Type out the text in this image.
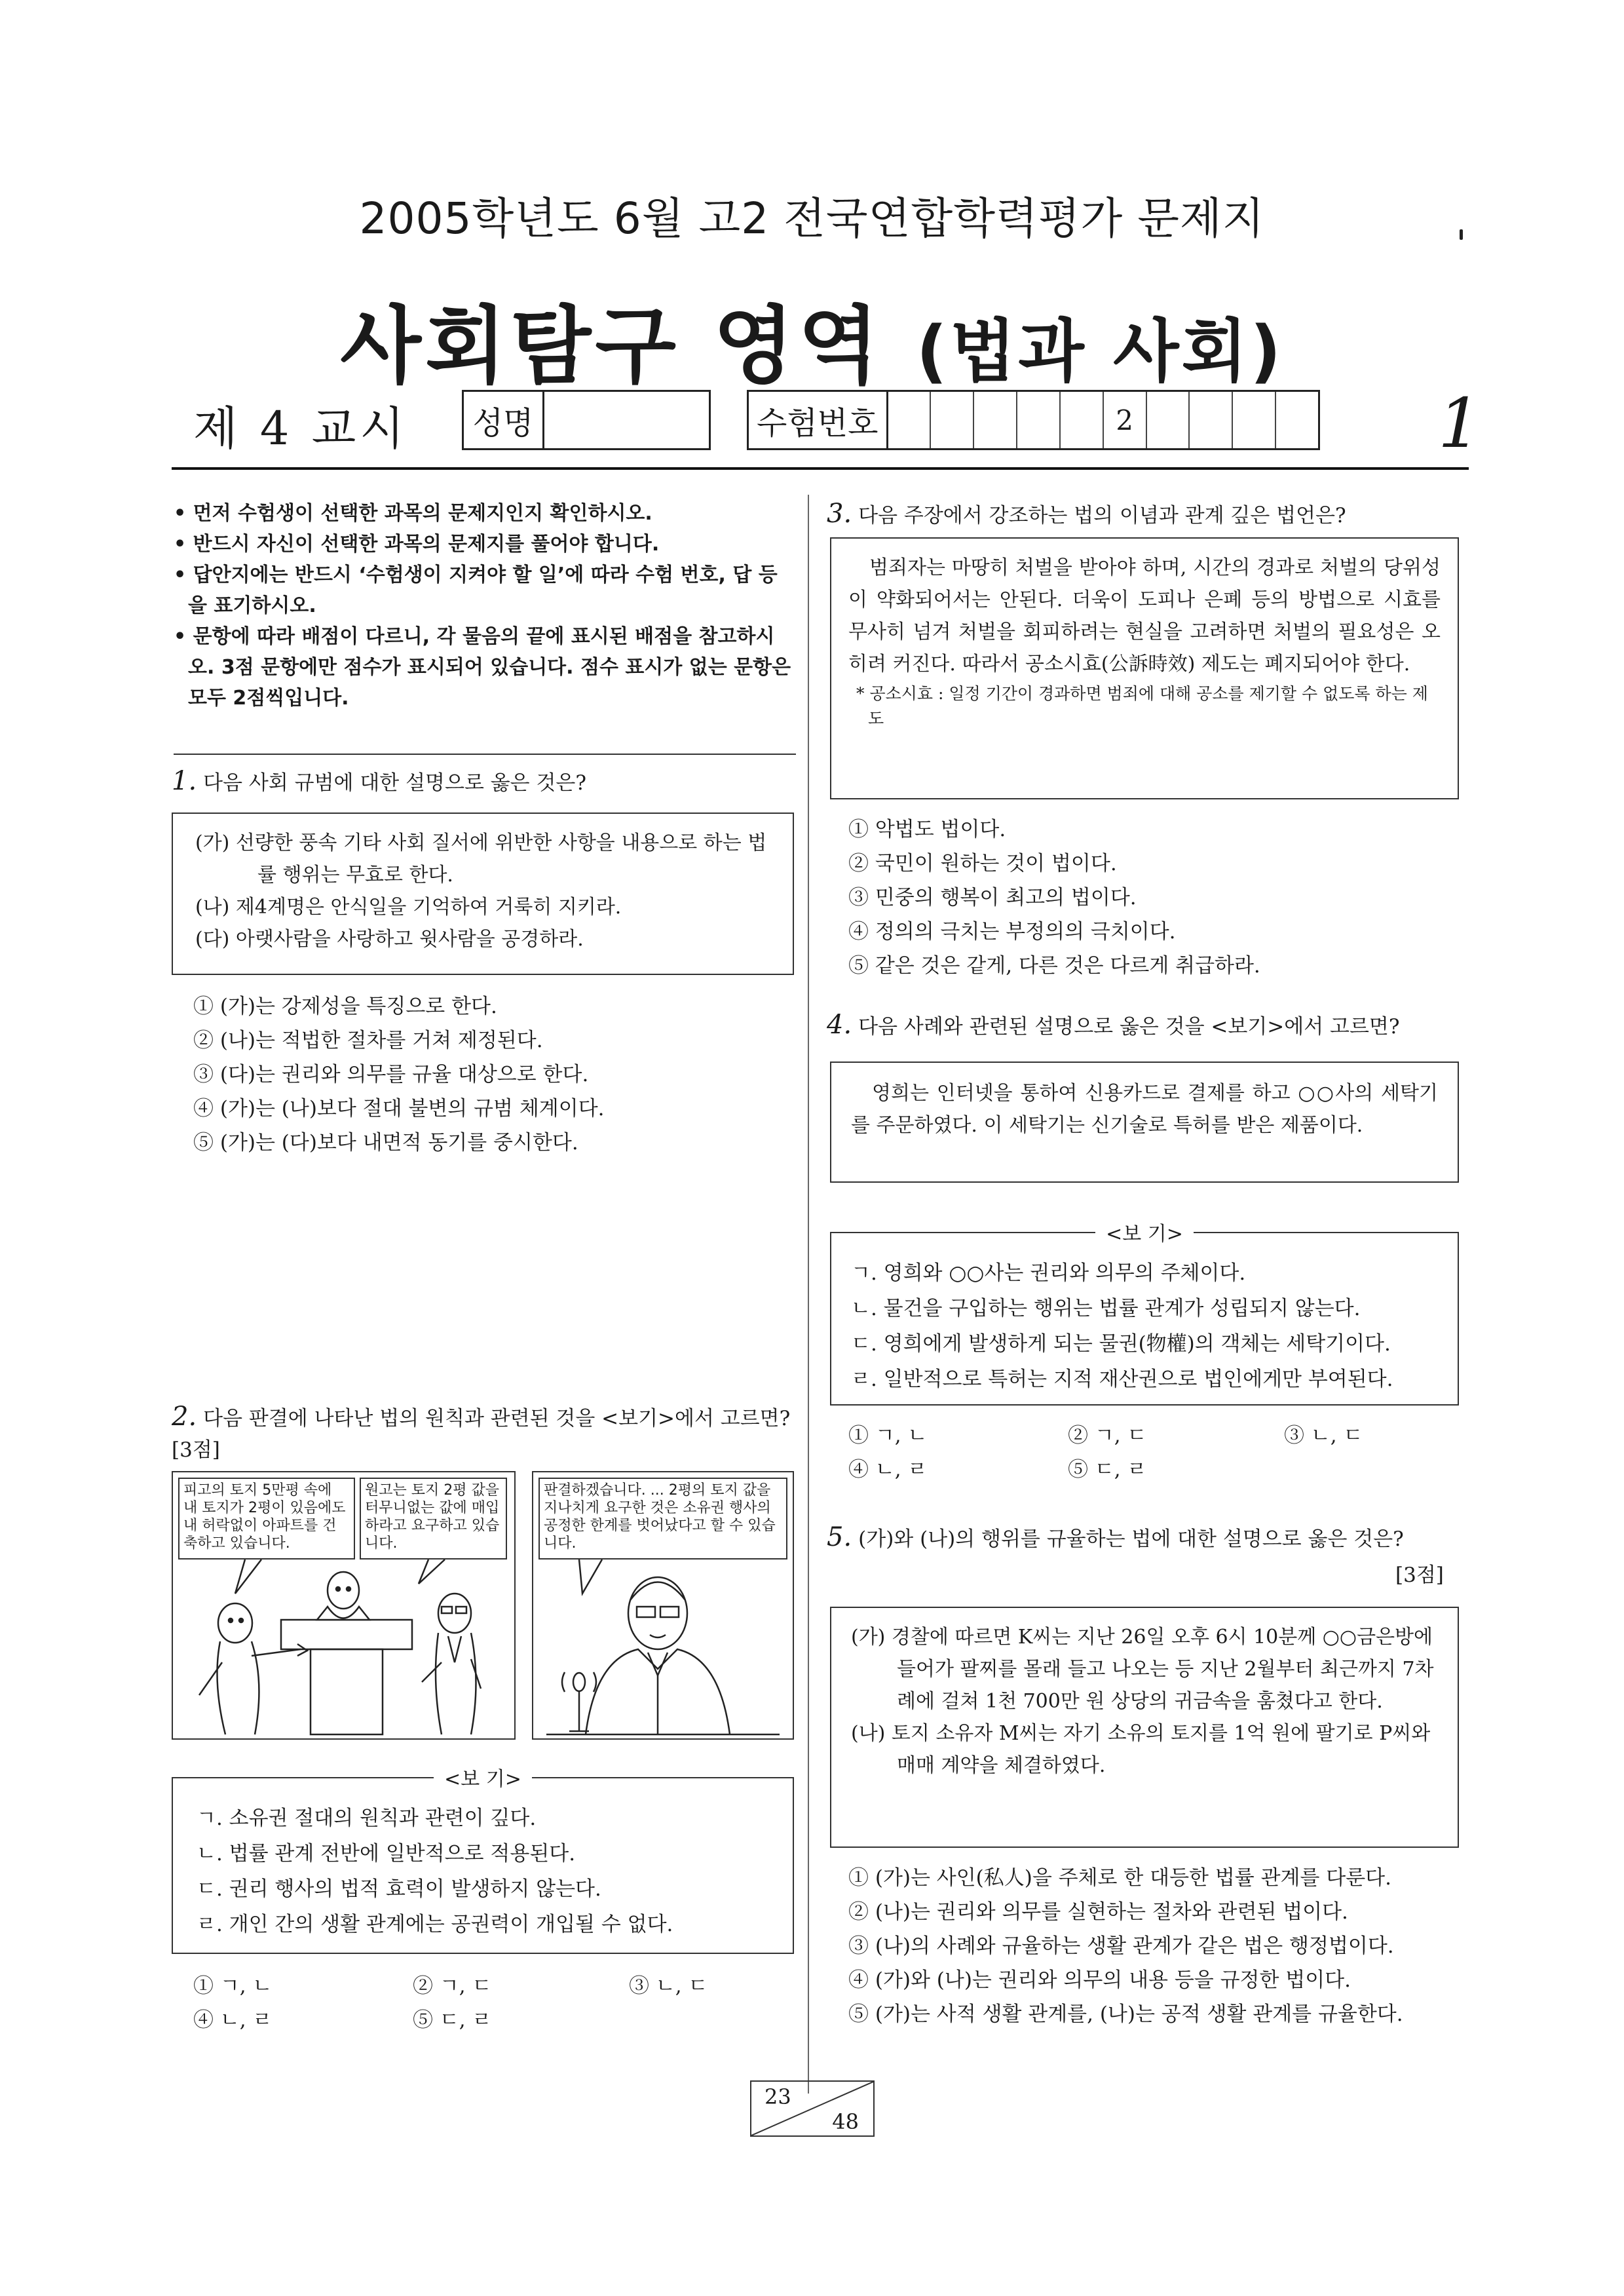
2005학년도 6월 고2 전국연합학력평가 문제지
사회탐구 영역 (법과 사회)
제 4 교시 성명	수험번호	2	1
• 먼저 수험생이 선택한 과목의 문제지인지 확인하시오.
• 반드시 자신이 선택한 과목의 문제지를 풀어야 합니다.
• 답안지에는 반드시 ‘수험생이 지켜야 할 일’에 따라 수험 번호, 답 등을 표기하시오.
• 문항에 따라 배점이 다르니, 각 물음의 끝에 표시된 배점을 참고하시오. 3점 문항에만 점수가 표시되어 있습니다. 점수 표시가 없는 문항은 모두 2점씩입니다.
1. 다음 사회 규범에 대한 설명으로 옳은 것은?
(가) 선량한 풍속 기타 사회 질서에 위반한 사항을 내용으로 하는 법률 행위는 무효로 한다.
(나) 제4계명은 안식일을 기억하여 거룩히 지키라.
(다) 아랫사람을 사랑하고 윗사람을 공경하라.
① (가)는 강제성을 특징으로 한다.
② (나)는 적법한 절차를 거쳐 제정된다.
③ (다)는 권리와 의무를 규율 대상으로 한다.
④ (가)는 (나)보다 절대 불변의 규범 체계이다.
⑤ (가)는 (다)보다 내면적 동기를 중시한다.
2. 다음 판결에 나타난 법의 원칙과 관련된 것을 <보기>에서 고르면? [3점]
피고의 토지 5만평 속에 내 토지가 2평이 있음에도 내 허락없이 아파트를 건축하고 있습니다.
원고는 토지 2평 값을 터무니없는 값에 매입하라고 요구하고 있습니다.
판결하겠습니다. ... 2평의 토지 값을 지나치게 요구한 것은 소유권 행사의 공정한 한계를 벗어났다고 할 수 있습니다.
<보 기>
ㄱ. 소유권 절대의 원칙과 관련이 깊다.
ㄴ. 법률 관계 전반에 일반적으로 적용된다.
ㄷ. 권리 행사의 법적 효력이 발생하지 않는다.
ㄹ. 개인 간의 생활 관계에는 공권력이 개입될 수 없다.
① ㄱ, ㄴ	② ㄱ, ㄷ	③ ㄴ, ㄷ
④ ㄴ, ㄹ	⑤ ㄷ, ㄹ
3. 다음 주장에서 강조하는 법의 이념과 관계 깊은 법언은?
범죄자는 마땅히 처벌을 받아야 하며, 시간의 경과로 처벌의 당위성이 약화되어서는 안된다. 더욱이 도피나 은폐 등의 방법으로 시효를 무사히 넘겨 처벌을 회피하려는 현실을 고려하면 처벌의 필요성은 오히려 커진다. 따라서 공소시효(公訴時效) 제도는 폐지되어야 한다.
* 공소시효 : 일정 기간이 경과하면 범죄에 대해 공소를 제기할 수 없도록 하는 제도
① 악법도 법이다.
② 국민이 원하는 것이 법이다.
③ 민중의 행복이 최고의 법이다.
④ 정의의 극치는 부정의의 극치이다.
⑤ 같은 것은 같게, 다른 것은 다르게 취급하라.
4. 다음 사례와 관련된 설명으로 옳은 것을 <보기>에서 고르면?
영희는 인터넷을 통하여 신용카드로 결제를 하고 ○○사의 세탁기를 주문하였다. 이 세탁기는 신기술로 특허를 받은 제품이다.
<보 기>
ㄱ. 영희와 ○○사는 권리와 의무의 주체이다.
ㄴ. 물건을 구입하는 행위는 법률 관계가 성립되지 않는다.
ㄷ. 영희에게 발생하게 되는 물권(物權)의 객체는 세탁기이다.
ㄹ. 일반적으로 특허는 지적 재산권으로 법인에게만 부여된다.
① ㄱ, ㄴ	② ㄱ, ㄷ	③ ㄴ, ㄷ
④ ㄴ, ㄹ	⑤ ㄷ, ㄹ
5. (가)와 (나)의 행위를 규율하는 법에 대한 설명으로 옳은 것은?
[3점]
(가) 경찰에 따르면 K씨는 지난 26일 오후 6시 10분께 ○○금은방에 들어가 팔찌를 몰래 들고 나오는 등 지난 2월부터 최근까지 7차례에 걸쳐 1천 700만 원 상당의 귀금속을 훔쳤다고 한다.
(나) 토지 소유자 M씨는 자기 소유의 토지를 1억 원에 팔기로 P씨와 매매 계약을 체결하였다.
① (가)는 사인(私人)을 주체로 한 대등한 법률 관계를 다룬다.
② (나)는 권리와 의무를 실현하는 절차와 관련된 법이다.
③ (나)의 사례와 규율하는 생활 관계가 같은 법은 행정법이다.
④ (가)와 (나)는 권리와 의무의 내용 등을 규정한 법이다.
⑤ (가)는 사적 생활 관계를, (나)는 공적 생활 관계를 규율한다.
23
48
